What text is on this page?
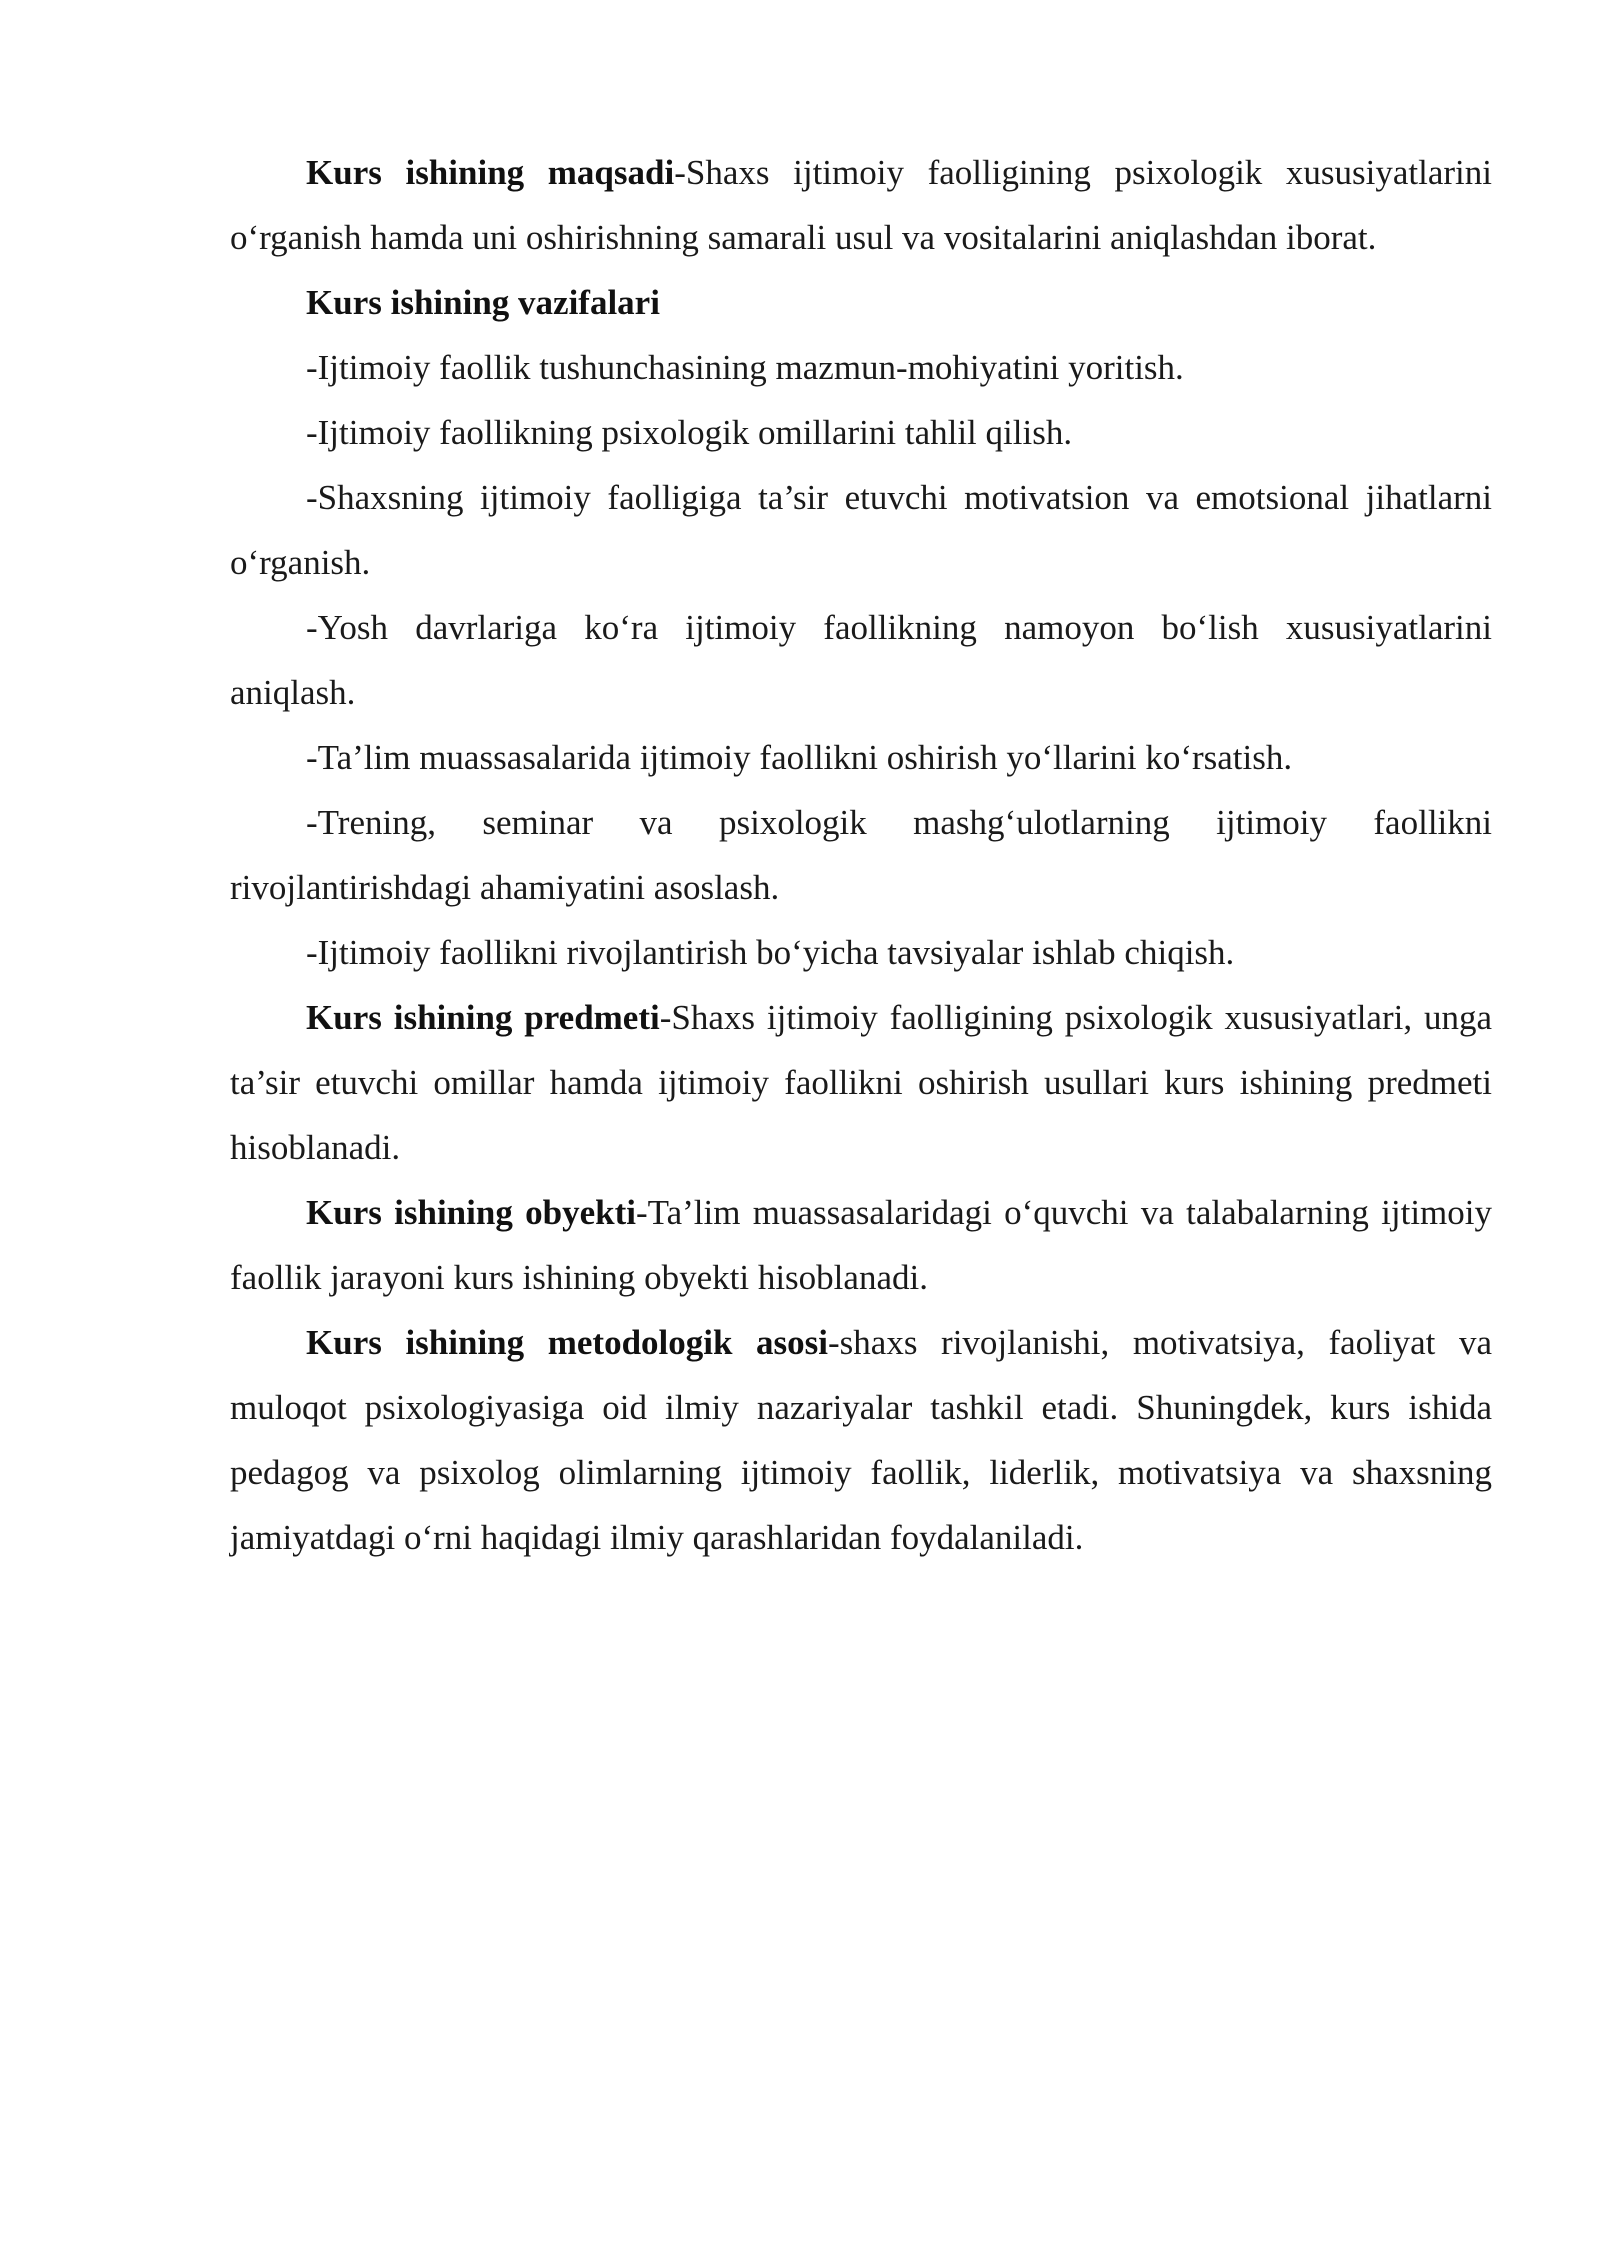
Kurs ishining maqsadi-Shaxs ijtimoiy faolligining psixologik xususiyatlarini o‘rganish hamda uni oshirishning samarali usul va vositalarini aniqlashdan iborat.

Kurs ishining vazifalari

-Ijtimoiy faollik tushunchasining mazmun-mohiyatini yoritish.

-Ijtimoiy faollikning psixologik omillarini tahlil qilish.

-Shaxsning ijtimoiy faolligiga ta’sir etuvchi motivatsion va emotsional jihatlarni o‘rganish.

-Yosh davrlariga ko‘ra ijtimoiy faollikning namoyon bo‘lish xususiyatlarini aniqlash.

-Ta’lim muassasalarida ijtimoiy faollikni oshirish yo‘llarini ko‘rsatish.

-Trening, seminar va psixologik mashg‘ulotlarning ijtimoiy faollikni rivojlantirishdagi ahamiyatini asoslash.

-Ijtimoiy faollikni rivojlantirish bo‘yicha tavsiyalar ishlab chiqish.

Kurs ishining predmeti-Shaxs ijtimoiy faolligining psixologik xususiyatlari, unga ta’sir etuvchi omillar hamda ijtimoiy faollikni oshirish usullari kurs ishining predmeti hisoblanadi.

Kurs ishining obyekti-Ta’lim muassasalaridagi o‘quvchi va talabalarning ijtimoiy faollik jarayoni kurs ishining obyekti hisoblanadi.

Kurs ishining metodologik asosi-shaxs rivojlanishi, motivatsiya, faoliyat va muloqot psixologiyasiga oid ilmiy nazariyalar tashkil etadi. Shuningdek, kurs ishida pedagog va psixolog olimlarning ijtimoiy faollik, liderlik, motivatsiya va shaxsning jamiyatdagi o‘rni haqidagi ilmiy qarashlaridan foydalaniladi.
